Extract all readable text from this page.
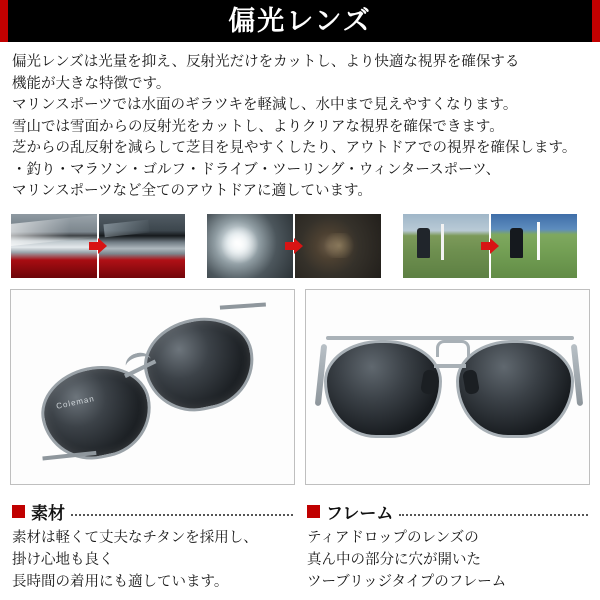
偏光レンズ

偏光レンズは光量を抑え、反射光だけをカットし、より快適な視界を確保する

機能が大きな特徴です。

マリンスポーツでは水面のギラツキを軽減し、水中まで見えやすくなります。

雪山では雪面からの反射光をカットし、よりクリアな視界を確保できます。

芝からの乱反射を減らして芝目を見やすくしたり、アウトドアでの視界を確保します。

・釣り・マラソン・ゴルフ・ドライブ・ツーリング・ウィンタースポーツ、

マリンスポーツなど全てのアウトドアに適しています。

Coleman
素材

素材は軽くて丈夫なチタンを採用し、

掛け心地も良く

長時間の着用にも適しています。

フレーム

ティアドロップのレンズの

真ん中の部分に穴が開いた

ツーブリッジタイプのフレーム
